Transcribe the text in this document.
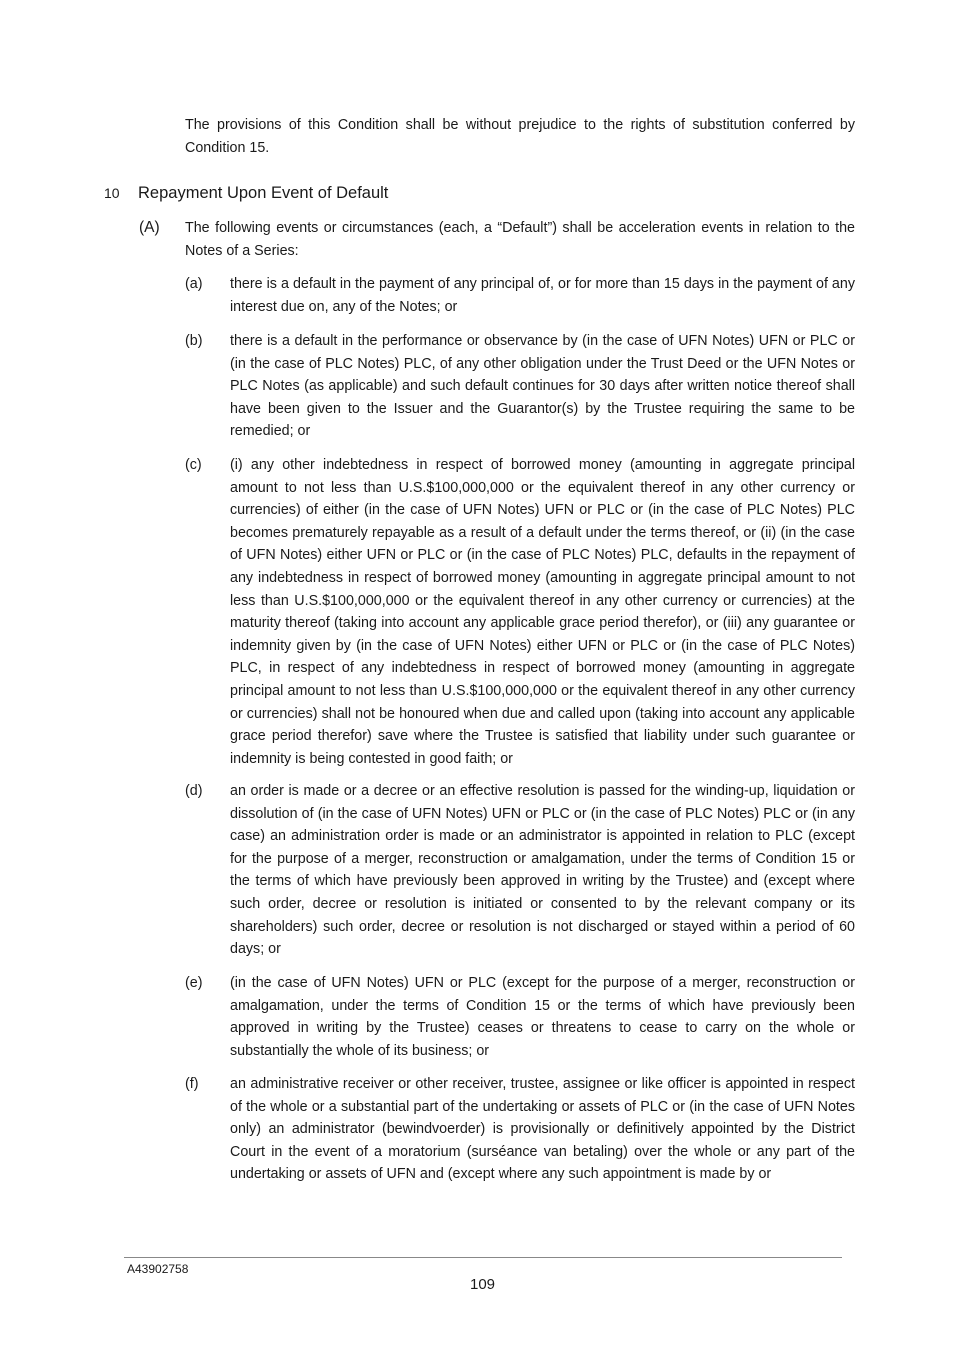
The provisions of this Condition shall be without prejudice to the rights of substitution conferred by Condition 15.
10 Repayment Upon Event of Default
(A) The following events or circumstances (each, a “Default”) shall be acceleration events in relation to the Notes of a Series:
(a) there is a default in the payment of any principal of, or for more than 15 days in the payment of any interest due on, any of the Notes; or
(b) there is a default in the performance or observance by (in the case of UFN Notes) UFN or PLC or (in the case of PLC Notes) PLC, of any other obligation under the Trust Deed or the UFN Notes or PLC Notes (as applicable) and such default continues for 30 days after written notice thereof shall have been given to the Issuer and the Guarantor(s) by the Trustee requiring the same to be remedied; or
(c) (i) any other indebtedness in respect of borrowed money (amounting in aggregate principal amount to not less than U.S.$100,000,000 or the equivalent thereof in any other currency or currencies) of either (in the case of UFN Notes) UFN or PLC or (in the case of PLC Notes) PLC becomes prematurely repayable as a result of a default under the terms thereof, or (ii) (in the case of UFN Notes) either UFN or PLC or (in the case of PLC Notes) PLC, defaults in the repayment of any indebtedness in respect of borrowed money (amounting in aggregate principal amount to not less than U.S.$100,000,000 or the equivalent thereof in any other currency or currencies) at the maturity thereof (taking into account any applicable grace period therefor), or (iii) any guarantee or indemnity given by (in the case of UFN Notes) either UFN or PLC or (in the case of PLC Notes) PLC, in respect of any indebtedness in respect of borrowed money (amounting in aggregate principal amount to not less than U.S.$100,000,000 or the equivalent thereof in any other currency or currencies) shall not be honoured when due and called upon (taking into account any applicable grace period therefor) save where the Trustee is satisfied that liability under such guarantee or indemnity is being contested in good faith; or
(d) an order is made or a decree or an effective resolution is passed for the winding-up, liquidation or dissolution of (in the case of UFN Notes) UFN or PLC or (in the case of PLC Notes) PLC or (in any case) an administration order is made or an administrator is appointed in relation to PLC (except for the purpose of a merger, reconstruction or amalgamation, under the terms of Condition 15 or the terms of which have previously been approved in writing by the Trustee) and (except where such order, decree or resolution is initiated or consented to by the relevant company or its shareholders) such order, decree or resolution is not discharged or stayed within a period of 60 days; or
(e) (in the case of UFN Notes) UFN or PLC (except for the purpose of a merger, reconstruction or amalgamation, under the terms of Condition 15 or the terms of which have previously been approved in writing by the Trustee) ceases or threatens to cease to carry on the whole or substantially the whole of its business; or
(f) an administrative receiver or other receiver, trustee, assignee or like officer is appointed in respect of the whole or a substantial part of the undertaking or assets of PLC or (in the case of UFN Notes only) an administrator (bewindvoerder) is provisionally or definitively appointed by the District Court in the event of a moratorium (surséance van betaling) over the whole or any part of the undertaking or assets of UFN and (except where any such appointment is made by or
A43902758
109
